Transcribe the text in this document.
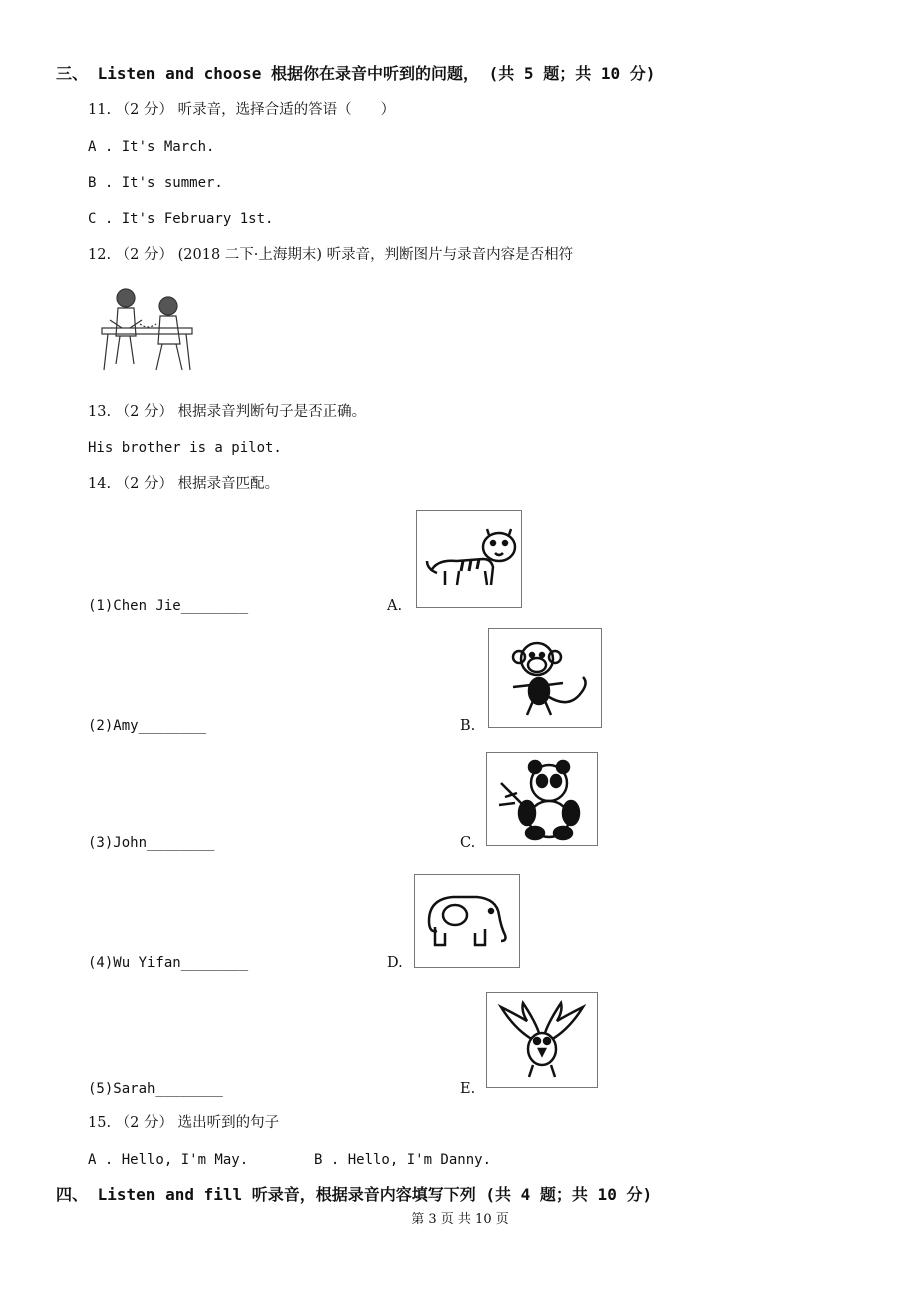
三、 Listen and choose 根据你在录音中听到的问题， (共 5 题；共 10 分)
11. （2 分） 听录音，选择合适的答语（　　）
A . It's March.
B . It's summer.
C . It's February 1st.
12. （2 分） (2018 二下·上海期末) 听录音，判断图片与录音内容是否相符
13. （2 分） 根据录音判断句子是否正确。
His brother is a pilot.
14. （2 分） 根据录音匹配。
(1)Chen Jie________	A.
(2)Amy________	B.
(3)John________	C.
(4)Wu Yifan________	D.
(5)Sarah________	E.
15. （2 分） 选出听到的句子
A . Hello, I'm May.	B . Hello, I'm Danny.
四、 Listen and fill 听录音，根据录音内容填写下列 (共 4 题；共 10 分)
第 3 页 共 10 页
